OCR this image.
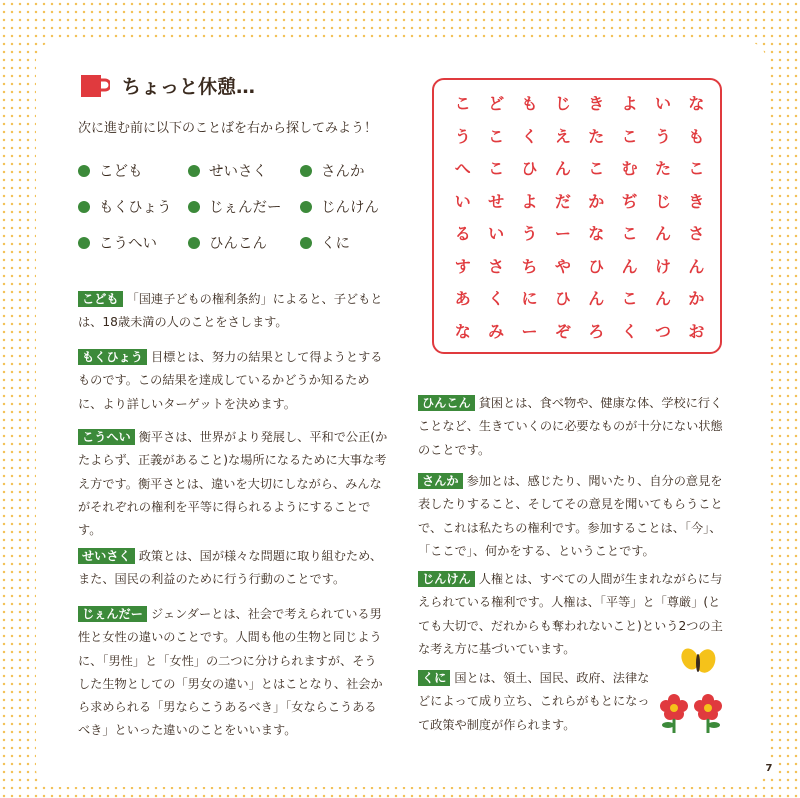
ちょっと休憩…
次に進む前に以下のことばを右から探してみよう！
こども	せいさく	さんか
もくひょう	じぇんだー	じんけん
こうへい	ひんこん	くに
こ	ど	も	じ	き	よ	い	な
う	こ	く	え	た	こ	う	も
へ	こ	ひ	ん	こ	む	た	こ
い	せ	よ	だ	か	ぢ	じ	き
る	い	う	ー	な	こ	ん	さ
す	さ	ち	や	ひ	ん	け	ん
あ	く	に	ひ	ん	こ	ん	か
な	み	ー	ぞ	ろ	く	つ	お
こども 「国連子どもの権利条約」によると、子どもとは、18歳未満の人のことをさします。
もくひょう 目標とは、努力の結果として得ようとするものです。この結果を達成しているかどうか知るために、より詳しいターゲットを決めます。
こうへい 衡平さは、世界がより発展し、平和で公正(かたよらず、正義があること)な場所になるために大事な考え方です。衡平さとは、違いを大切にしながら、みんながそれぞれの権利を平等に得られるようにすることです。
せいさく 政策とは、国が様々な問題に取り組むため、また、国民の利益のために行う行動のことです。
じぇんだー ジェンダーとは、社会で考えられている男性と女性の違いのことです。人間も他の生物と同じように、「男性」と「女性」の二つに分けられますが、そうした生物としての「男女の違い」とはことなり、社会から求められる「男ならこうあるべき」「女ならこうあるべき」といった違いのことをいいます。
ひんこん 貧困とは、食べ物や、健康な体、学校に行くことなど、生きていくのに必要なものが十分にない状態のことです。
さんか 参加とは、感じたり、聞いたり、自分の意見を表したりすること、そしてその意見を聞いてもらうことで、これは私たちの権利です。参加することは、「今」、「ここで」、何かをする、ということです。
じんけん 人権とは、すべての人間が生まれながらに与えられている権利です。人権は、「平等」と「尊厳」(とても大切で、だれからも奪われないこと)という2つの主な考え方に基づいています。
くに 国とは、領土、国民、政府、法律などによって成り立ち、これらがもとになって政策や制度が作られます。
7
